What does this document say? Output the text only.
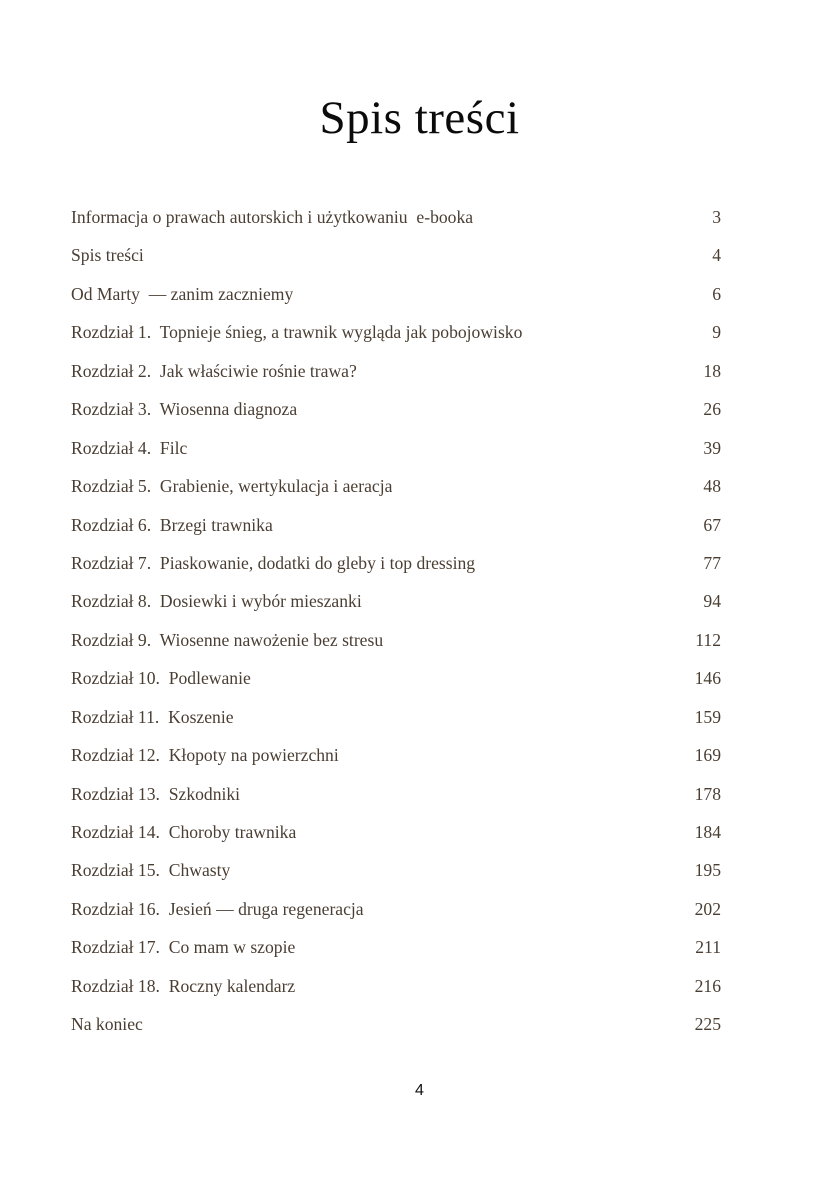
Spis treści
Informacja o prawach autorskich i użytkowaniu  e-booka	3
Spis treści	4
Od Marty  — zanim zaczniemy	6
Rozdział 1.  Topnieje śnieg, a trawnik wygląda jak pobojowisko	9
Rozdział 2.  Jak właściwie rośnie trawa?	18
Rozdział 3.  Wiosenna diagnoza	26
Rozdział 4.  Filc	39
Rozdział 5.  Grabienie, wertykulacja i aeracja	48
Rozdział 6.  Brzegi trawnika	67
Rozdział 7.  Piaskowanie, dodatki do gleby i top dressing	77
Rozdział 8.  Dosiewki i wybór mieszanki	94
Rozdział 9.  Wiosenne nawożenie bez stresu	112
Rozdział 10.  Podlewanie	146
Rozdział 11.  Koszenie	159
Rozdział 12.  Kłopoty na powierzchni	169
Rozdział 13.  Szkodniki	178
Rozdział 14.  Choroby trawnika	184
Rozdział 15.  Chwasty	195
Rozdział 16.  Jesień — druga regeneracja	202
Rozdział 17.  Co mam w szopie	211
Rozdział 18.  Roczny kalendarz	216
Na koniec	225
4
